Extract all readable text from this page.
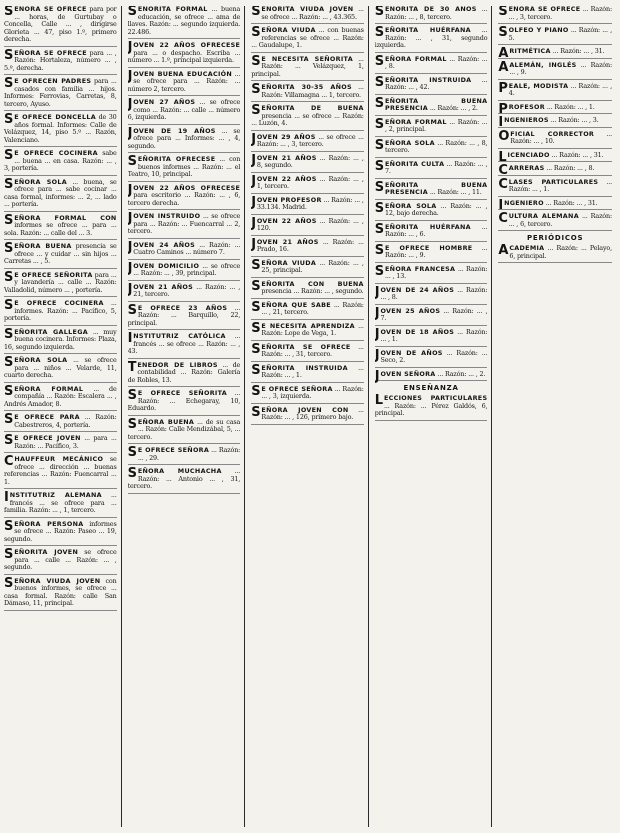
SEÑORA SE OFRECE para por ... horas, de Gurtubay o Concella, Calle ... , dirigirse Glorieta ... 47, piso 1.º, primero derecha.

SEÑORA SE OFRECE para ... , Razón: Hortaleza, número ... , 5.º, derecha.

S E OFRECEN PADRES para ... casados con familia ... hijos. Informes: Ferrovias, Carretas, 8, tercero, Ayuso.

S E OFRECE DONCELLA de 30 años formal. Informes: Calle de Velázquez, 14, piso 5.º ... Razón, Valenciano.

S E OFRECE COCINERA sabe ... buena ... en casa. Razón: ... , 3, portería.

SEÑORA SOLA ... buena, se ofrece para ... sabe cocinar ... casa formal, informes: ... 2, ... lado ... portería.

SEÑORA FORMAL CON informes se ofrece ... para ... sola. Razón: ... calle del ... 3.

SEÑORA BUENA presencia se ofrece ... y cuidar ... sin hijos ... Carretas ... , 5.

S E OFRECE SEÑORITA para ... y lavandería ... calle ... Razón: Valladolid, número ... , portería.

S E OFRECE COCINERA ... informes. Razón: ... Pacífico, 5, portería.

SEÑORITA GALLEGA ... muy buena cocinera. Informes: Plaza, 16, segundo izquierda.

SEÑORA SOLA ... se ofrece para ... niños ... Velarde, 11, cuarto derecha.

SEÑORA FORMAL ... de compañía ... Razón: Escalera ... , Andrés Amador, 8.

S E OFRECE PARA ... Razón: Cabestreros, 4, portería.

S E OFRECE JOVEN ... para ... Razón: ... Pacífico, 3.

CHAUFFEUR MECÁNICO se ofrece ... dirección ... buenas referencias ... Razón: Fuencarral ... 1.

INSTITUTRIZ ALEMANA ... francés ... se ofrece para ... familia. Razón: ... , 1, tercero.

SEÑORA PERSONA informes se ofrece ... Razón: Paseo ... 19, segundo.

SEÑORITA JOVEN se ofrece para ... calle ... Razón: ... , segundo.

SEÑORA VIUDA JOVEN con buenos informes, se ofrece ... casa formal. Razón: calle San Dámaso, 11, principal.

SEÑORITA FORMAL ... buena educación, se ofrece ... ama de llaves. Razón: ... segundo izquierda. 22.486.

JOVEN 22 AÑOS OFRECESE para ... o despacho. Escriba ... número ... 1.º, principal izquierda.

JOVEN BUENA EDUCACIÓN ... se ofrece para ... Razón: ... número 2, tercero.

JOVEN 27 AÑOS ... se ofrece como ... Razón: ... calle ... número 6, izquierda.

JOVEN DE 19 AÑOS ... se ofrece para ... Informes: ... , 4, segundo.

SEÑORITA OFRECESE ... con buenos informes ... Razón: ... el Teatro, 10, principal.

JOVEN 22 AÑOS OFRECESE para escritorio ... Razón: ... , 6, tercero derecha.

JOVEN INSTRUIDO ... se ofrece para ... Razón: ... Fuencarral ... 2, tercero.

JOVEN 24 AÑOS ... Razón: ... Cuatro Caminos ... número 7.

JOVEN DOMICILIO ... se ofrece ... Razón: ... , 39, principal.

JOVEN 21 AÑOS ... Razón: ... , 21, tercero.

S E OFRECE 23 AÑOS ... Razón: ... Barquillo, 22, principal.

INSTITUTRIZ CATÓLICA ... francés ... se ofrece ... Razón: ... , 43.

TENEDOR DE LIBROS ... de contabilidad ... Razón: Galería de Robles, 13.

S E OFRECE SEÑORITA ... Razón: ... Echegaray, 10, Eduardo.

SEÑORA BUENA ... de su casa ... Razón: Calle Mendizábal, 5, ... tercero.

S E OFRECE SEÑORA ... Razón: ... , 29.

SEÑORA MUCHACHA ... Razón: ... Antonio ... , 31, tercero.

SEÑORITA VIUDA JOVEN ... se ofrece ... Razón: ... , 43.365.

SEÑORA VIUDA ... con buenas referencias se ofrece ... Razón: ... Gaudalupe, 1.

S E NECESITA SEÑORITA ... Razón: ... Velázquez, 1, principal.

SEÑORITA 30-35 AÑOS ... Razón: Villamagna ... 1, tercero.

SEÑORITA DE BUENA presencia ... se ofrece ... Razón: ... Luzón, 4.

JOVEN 29 AÑOS ... se ofrece ... Razón: ... , 3, tercero.

JOVEN 21 AÑOS ... Razón: ... , 8, segundo.

JOVEN 22 AÑOS ... Razón: ... , 1, tercero.

JOVEN PROFESOR ... Razón: ... , 33.134. Madrid.

JOVEN 22 AÑOS ... Razón: ... , 120.

JOVEN 21 AÑOS ... Razón: ... Prado, 16.

SEÑORA VIUDA ... Razón: ... , 25, principal.

SEÑORITA CON BUENA presencia ... Razón: ... , segundo.

SEÑORA QUE SABE ... Razón: ... , 21, tercero.

S E NECESITA APRENDIZA ... Razón: Lope de Vega, 1.

SEÑORITA SE OFRECE ... Razón: ... , 31, tercero.

SEÑORITA INSTRUIDA ... Razón: ... , 1.

S E OFRECE SEÑORA ... Razón: ... , 3, izquierda.

SEÑORA JOVEN CON ... Razón: ... , 126, primero bajo.

SEÑORITA DE 30 AÑOS ... Razón: ... , 8, tercero.

SEÑORITA HUÉRFANA ... Razón: ... , 31, segundo izquierda.

SEÑORA FORMAL ... Razón: ... , 8.

SEÑORITA INSTRUIDA ... Razón: ... , 42.

SEÑORITA BUENA PRESENCIA ... Razón: ... , 2.

SEÑORA FORMAL ... Razón: ... , 2, principal.

SEÑORA SOLA ... Razón: ... , 8, tercero.

SEÑORITA CULTA ... Razón: ... , 7.

SEÑORITA BUENA PRESENCIA ... Razón: ... , 11.

SEÑORA SOLA ... Razón: ... , 12, bajo derecha.

SEÑORITA HUÉRFANA ... Razón: ... , 6.

S E OFRECE HOMBRE ... Razón: ... , 9.

SEÑORA FRANCESA ... Razón: ... , 13.

JOVEN DE 24 AÑOS ... Razón: ... , 8.

JOVEN 25 AÑOS ... Razón: ... , 7.

JOVEN DE 18 AÑOS ... Razón: ... , 1.

JOVEN DE AÑOS ... Razón: ... Seco, 2.

JOVEN SEÑORA ... Razón: ... , 2.

ENSEÑANZA

LECCIONES PARTICULARES ... Razón: ... Pérez Galdós, 6, principal.

SEÑORA SE OFRECE ... Razón: ... , 3, tercero.

SOLFEO Y PIANO ... Razón: ... , 5.

ARITMÉTICA ... Razón: ... , 31.

AALEMÁN, INGLÉS ... Razón: ... , 9.

PEALE, MODISTA ... Razón: ... , 4.

PROFESOR ... Razón: ... , 1.

INGENIEROS ... Razón: ... , 3.

OFICIAL CORRECTOR ... Razón: ... , 10.

LICENCIADO ... Razón: ... , 31.

CARRERAS ... Razón: ... , 8.

CLASES PARTICULARES ... Razón: ... , 1.

INGENIERO ... Razón: ... , 31.

CULTURA ALEMANA ... Razón: ... , 6, tercero.

PERIÓDICOS

ACADEMIA ... Razón: ... Pelayo, 6, principal.
